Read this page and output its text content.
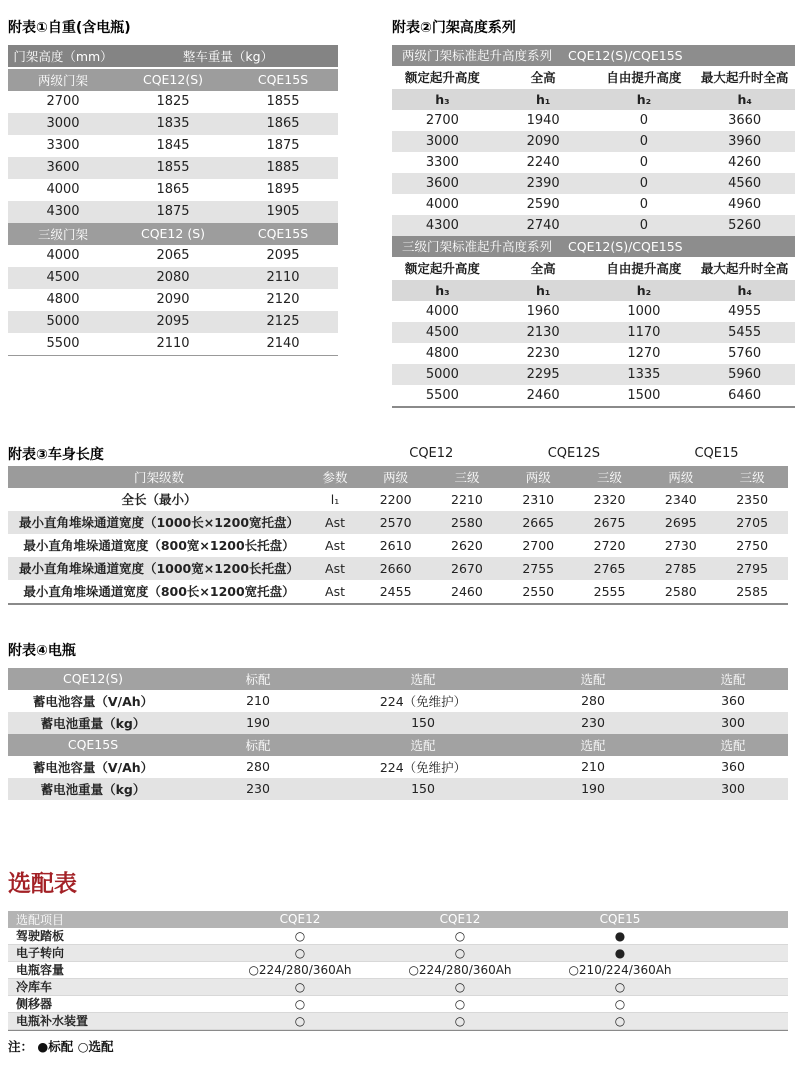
附表①自重(含电瓶)
门架高度（mm）	整车重量（kg）
两级门架	CQE12(S)	CQE15S
2700	1825	1855
3000	1835	1865
3300	1845	1875
3600	1855	1885
4000	1865	1895
4300	1875	1905
三级门架	CQE12 (S)	CQE15S
4000	2065	2095
4500	2080	2110
4800	2090	2120
5000	2095	2125
5500	2110	2140
附表②门架高度系列
两级门架标准起升高度系列 CQE12(S)/CQE15S
额定起升高度	全高	自由提升高度	最大起升时全高
h₃	h₁	h₂	h₄
2700	1940	0	3660
3000	2090	0	3960
3300	2240	0	4260
3600	2390	0	4560
4000	2590	0	4960
4300	2740	0	5260
三级门架标准起升高度系列 CQE12(S)/CQE15S
额定起升高度	全高	自由提升高度	最大起升时全高
h₃	h₁	h₂	h₄
4000	1960	1000	4955
4500	2130	1170	5455
4800	2230	1270	5760
5000	2295	1335	5960
5500	2460	1500	6460
附表③车身长度	CQE12	CQE12S	CQE15
门架级数	参数	两级	三级	两级	三级	两级	三级
全长（最小）	l₁	2200	2210	2310	2320	2340	2350
最小直角堆垛通道宽度（1000长×1200宽托盘）	Ast	2570	2580	2665	2675	2695	2705
最小直角堆垛通道宽度（800宽×1200长托盘）	Ast	2610	2620	2700	2720	2730	2750
最小直角堆垛通道宽度（1000宽×1200长托盘）	Ast	2660	2670	2755	2765	2785	2795
最小直角堆垛通道宽度（800长×1200宽托盘）	Ast	2455	2460	2550	2555	2580	2585
附表④电瓶
CQE12(S)	标配	选配	选配	选配
蓄电池容量（V/Ah）	210	224（免维护）	280	360
蓄电池重量（kg）	190	150	230	300
CQE15S	标配	选配	选配	选配
蓄电池容量（V/Ah）	280	224（免维护）	210	360
蓄电池重量（kg）	230	150	190	300
选配表
选配项目	CQE12	CQE12	CQE15
驾驶踏板	○	○	●
电子转向	○	○	●
电瓶容量	○224/280/360Ah	○224/280/360Ah	○210/224/360Ah
冷库车	○	○	○
侧移器	○	○	○
电瓶补水装置	○	○	○
注： ●标配 ○选配
